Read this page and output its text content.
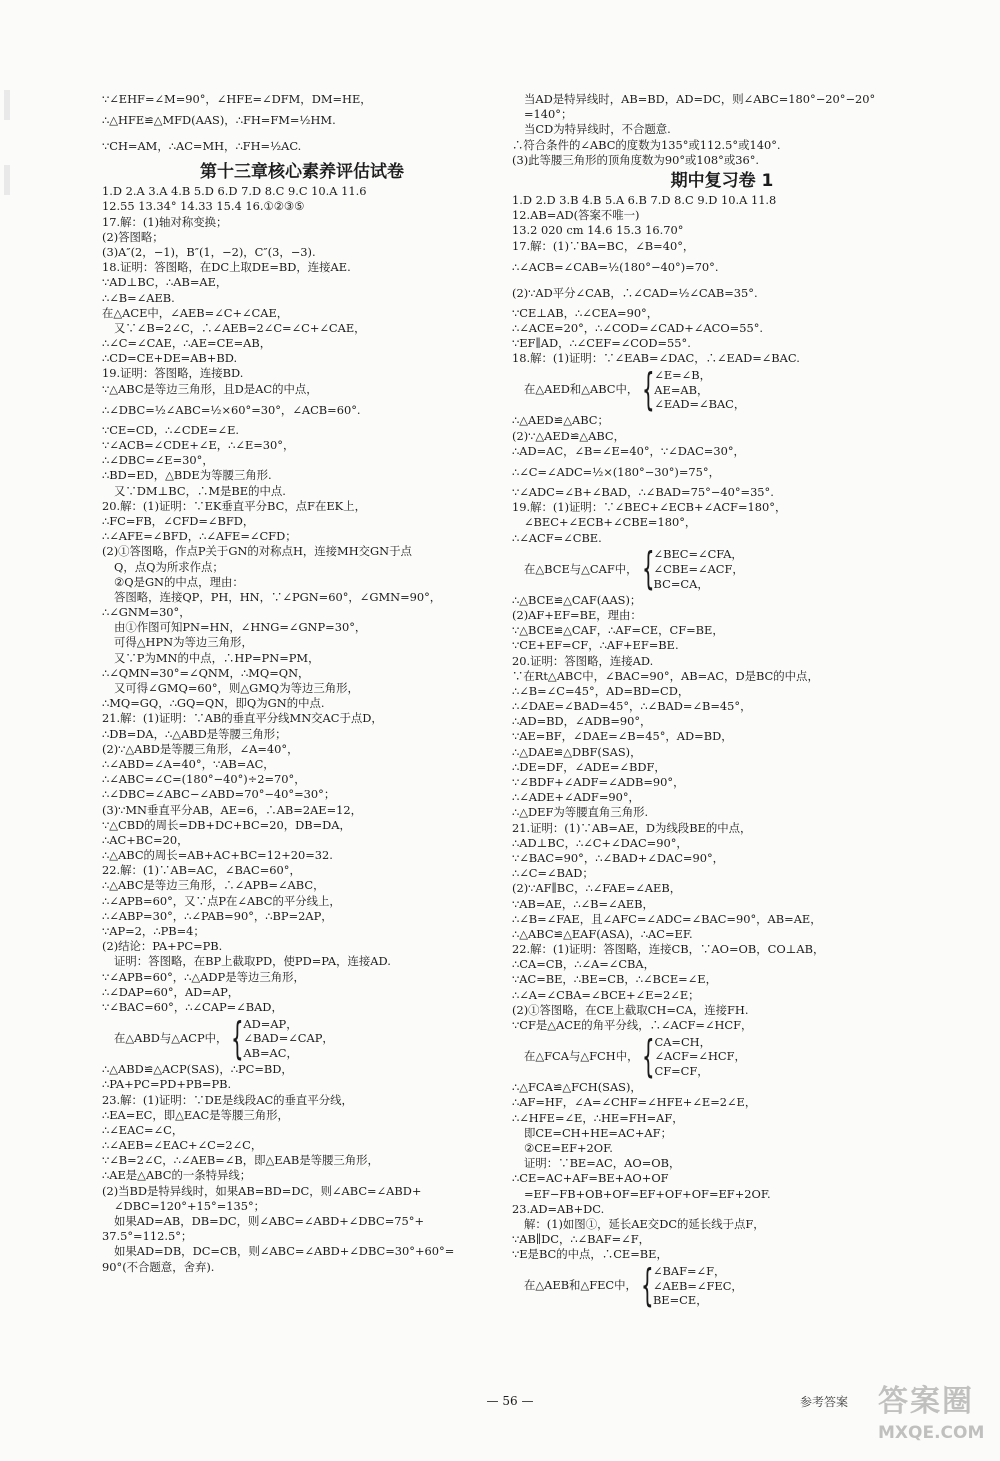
∵∠EHF=∠M=90°，∠HFE=∠DFM，DM=HE，
∴△HFE≌△MFD(AAS)，∴FH=FM=½HM.
∵CH=AM，∴AC=MH，∴FH=½AC.
第十三章核心素养评估试卷
1.D 2.A 3.A 4.B 5.D 6.D 7.D 8.C 9.C 10.A 11.6
12.55 13.34° 14.33 15.4 16.①②③⑤
17.解：(1)轴对称变换；
(2)答图略；
(3)A″(2，−1)，B″(1，−2)，C″(3，−3).
18.证明：答图略，在DC上取DE=BD，连接AE.
∵AD⊥BC，∴AB=AE，
∴∠B=∠AEB.
在△ACE中，∠AEB=∠C+∠CAE，
又∵∠B=2∠C，∴∠AEB=2∠C=∠C+∠CAE，
∴∠C=∠CAE，∴AE=CE=AB，
∴CD=CE+DE=AB+BD.
19.证明：答图略，连接BD.
∵△ABC是等边三角形，且D是AC的中点，
∴∠DBC=½∠ABC=½×60°=30°，∠ACB=60°.
∵CE=CD，∴∠CDE=∠E.
∵∠ACB=∠CDE+∠E，∴∠E=30°，
∴∠DBC=∠E=30°，
∴BD=ED，△BDE为等腰三角形.
又∵DM⊥BC，∴M是BE的中点.
20.解：(1)证明：∵EK垂直平分BC，点F在EK上，
∴FC=FB，∠CFD=∠BFD，
∴∠AFE=∠BFD，∴∠AFE=∠CFD；
(2)①答图略，作点P关于GN的对称点H，连接MH交GN于点
Q，点Q为所求作点；
②Q是GN的中点，理由：
答图略，连接QP，PH，HN，∵∠PGN=60°，∠GMN=90°，
∴∠GNM=30°，
由①作图可知PN=HN，∠HNG=∠GNP=30°，
可得△HPN为等边三角形，
又∵P为MN的中点，∴HP=PN=PM，
∴∠QMN=30°=∠QNM，∴MQ=QN，
又可得∠GMQ=60°，则△GMQ为等边三角形，
∴MQ=GQ，∴GQ=QN，即Q为GN的中点.
21.解：(1)证明：∵AB的垂直平分线MN交AC于点D，
∴DB=DA，∴△ABD是等腰三角形；
(2)∵△ABD是等腰三角形，∠A=40°，
∴∠ABD=∠A=40°，∵AB=AC，
∴∠ABC=∠C=(180°−40°)÷2=70°，
∴∠DBC=∠ABC−∠ABD=70°−40°=30°；
(3)∵MN垂直平分AB，AE=6，∴AB=2AE=12，
∵△CBD的周长=DB+DC+BC=20，DB=DA，
∴AC+BC=20，
∴△ABC的周长=AB+AC+BC=12+20=32.
22.解：(1)∵AB=AC，∠BAC=60°，
∴△ABC是等边三角形，∴∠APB=∠ABC，
∴∠APB=60°，又∵点P在∠ABC的平分线上，
∴∠ABP=30°，∴∠PAB=90°，∴BP=2AP，
∵AP=2，∴PB=4；
(2)结论：PA+PC=PB.
证明：答图略，在BP上截取PD，使PD=PA，连接AD.
∵∠APB=60°，∴△ADP是等边三角形，
∴∠DAP=60°，AD=AP，
∵∠BAC=60°，∴∠CAP=∠BAD，
在△ABD与△ACP中， { AD=AP，
∠BAD=∠CAP，
AB=AC，
∴△ABD≌△ACP(SAS)，∴PC=BD，
∴PA+PC=PD+PB=PB.
23.解：(1)证明：∵DE是线段AC的垂直平分线，
∴EA=EC，即△EAC是等腰三角形，
∴∠EAC=∠C，
∴∠AEB=∠EAC+∠C=2∠C，
∵∠B=2∠C，∴∠AEB=∠B，即△EAB是等腰三角形，
∴AE是△ABC的一条特异线；
(2)当BD是特异线时，如果AB=BD=DC，则∠ABC=∠ABD+
∠DBC=120°+15°=135°；
如果AD=AB，DB=DC，则∠ABC=∠ABD+∠DBC=75°+
37.5°=112.5°；
如果AD=DB，DC=CB，则∠ABC=∠ABD+∠DBC=30°+60°=
90°(不合题意，舍弃).
当AD是特异线时，AB=BD，AD=DC，则∠ABC=180°−20°−20°
=140°；
当CD为特异线时，不合题意.
∴符合条件的∠ABC的度数为135°或112.5°或140°.
(3)此等腰三角形的顶角度数为90°或108°或36°.
期中复习卷 1
1.D 2.D 3.B 4.B 5.A 6.B 7.D 8.C 9.D 10.A 11.8
12.AB=AD(答案不唯一)
13.2 020 cm 14.6 15.3 16.70°
17.解：(1)∵BA=BC，∠B=40°，
∴∠ACB=∠CAB=½(180°−40°)=70°.
(2)∵AD平分∠CAB，∴∠CAD=½∠CAB=35°.
∵CE⊥AB，∴∠CEA=90°，
∴∠ACE=20°，∴∠COD=∠CAD+∠ACO=55°.
∵EF∥AD，∴∠CEF=∠COD=55°.
18.解：(1)证明：∵∠EAB=∠DAC，∴∠EAD=∠BAC.
在△AED和△ABC中， { ∠E=∠B，
AE=AB，
∠EAD=∠BAC，
∴△AED≌△ABC；
(2)∵△AED≌△ABC，
∴AD=AC，∠B=∠E=40°，∵∠DAC=30°，
∴∠C=∠ADC=½×(180°−30°)=75°，
∵∠ADC=∠B+∠BAD，∴∠BAD=75°−40°=35°.
19.解：(1)证明：∵∠BEC+∠ECB+∠ACF=180°，
∠BEC+∠ECB+∠CBE=180°，
∴∠ACF=∠CBE.
在△BCE与△CAF中， { ∠BEC=∠CFA，
∠CBE=∠ACF，
BC=CA，
∴△BCE≌△CAF(AAS)；
(2)AF+EF=BE，理由：
∵△BCE≌△CAF，∴AF=CE，CF=BE，
∵CE+EF=CF，∴AF+EF=BE.
20.证明：答图略，连接AD.
∵在Rt△ABC中，∠BAC=90°，AB=AC，D是BC的中点，
∴∠B=∠C=45°，AD=BD=CD，
∴∠DAE=∠BAD=45°，∴∠BAD=∠B=45°，
∴AD=BD，∠ADB=90°，
∵AE=BF，∠DAE=∠B=45°，AD=BD，
∴△DAE≌△DBF(SAS)，
∴DE=DF，∠ADE=∠BDF，
∵∠BDF+∠ADF=∠ADB=90°，
∴∠ADE+∠ADF=90°，
∴△DEF为等腰直角三角形.
21.证明：(1)∵AB=AE，D为线段BE的中点，
∴AD⊥BC，∴∠C+∠DAC=90°，
∵∠BAC=90°，∴∠BAD+∠DAC=90°，
∴∠C=∠BAD；
(2)∵AF∥BC，∴∠FAE=∠AEB，
∵AB=AE，∴∠B=∠AEB，
∴∠B=∠FAE，且∠AFC=∠ADC=∠BAC=90°，AB=AE，
∴△ABC≌△EAF(ASA)，∴AC=EF.
22.解：(1)证明：答图略，连接CB，∵AO=OB，CO⊥AB，
∴CA=CB，∴∠A=∠CBA，
∵AC=BE，∴BE=CB，∴∠BCE=∠E，
∴∠A=∠CBA=∠BCE+∠E=2∠E；
(2)①答图略，在CE上截取CH=CA，连接FH.
∵CF是△ACE的角平分线，∴∠ACF=∠HCF，
在△FCA与△FCH中， { CA=CH，
∠ACF=∠HCF，
CF=CF，
∴△FCA≌△FCH(SAS)，
∴AF=HF，∠A=∠CHF=∠HFE+∠E=2∠E，
∴∠HFE=∠E，∴HE=FH=AF，
即CE=CH+HE=AC+AF；
②CE=EF+2OF.
证明：∵BE=AC，AO=OB，
∴CE=AC+AF=BE+AO+OF
=EF−FB+OB+OF=EF+OF+OF=EF+2OF.
23.AD=AB+DC.
解：(1)如图①，延长AE交DC的延长线于点F，
∵AB∥DC，∴∠BAF=∠F，
∵E是BC的中点，∴CE=BE，
在△AEB和△FEC中， { ∠BAF=∠F，
∠AEB=∠FEC，
BE=CE，
— 56 —	参考答案 答案圈
MXQE.COM
